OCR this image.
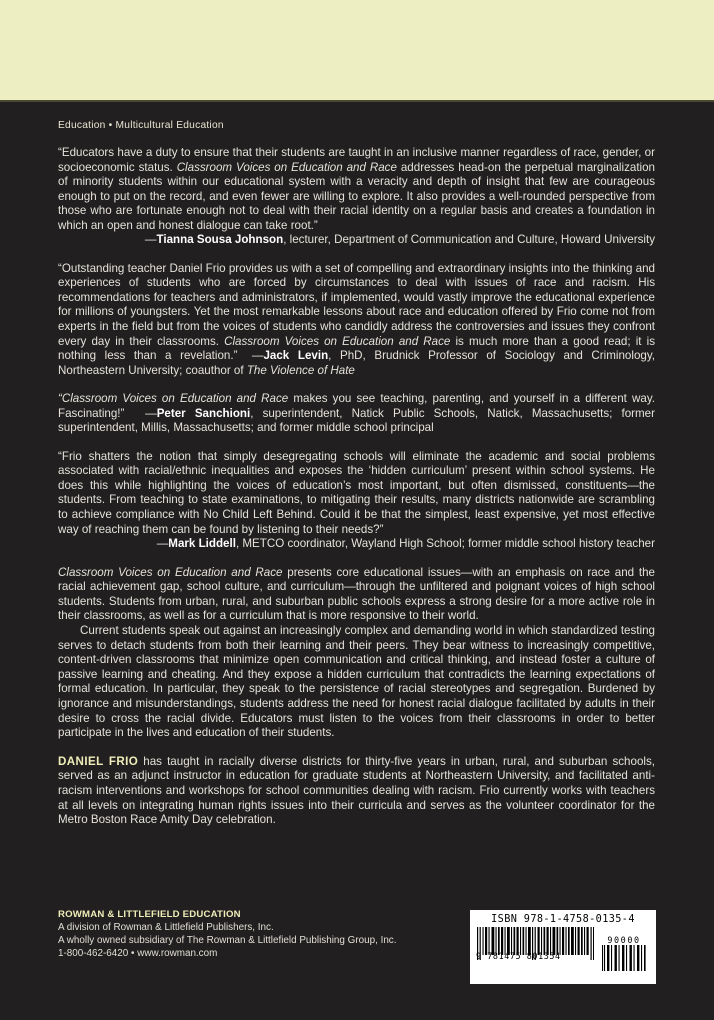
Education • Multicultural Education
“Educators have a duty to ensure that their students are taught in an inclusive manner regardless of race, gender, or socioeconomic status. Classroom Voices on Education and Race addresses head-on the perpetual marginalization of minority students within our educational system with a veracity and depth of insight that few are courageous enough to put on the record, and even fewer are willing to explore. It also provides a well-rounded perspective from those who are fortunate enough not to deal with their racial identity on a regular basis and creates a foundation in which an open and honest dialogue can take root.”
—Tianna Sousa Johnson, lecturer, Department of Communication and Culture, Howard University
“Outstanding teacher Daniel Frio provides us with a set of compelling and extraordinary insights into the thinking and experiences of students who are forced by circumstances to deal with issues of race and racism. His recommendations for teachers and administrators, if implemented, would vastly improve the educational experience for millions of youngsters. Yet the most remarkable lessons about race and education offered by Frio come not from experts in the field but from the voices of students who candidly address the controversies and issues they confront every day in their classrooms. Classroom Voices on Education and Race is much more than a good read; it is nothing less than a revelation.”  —Jack Levin, PhD, Brudnick Professor of Sociology and Criminology, Northeastern University; coauthor of The Violence of Hate
“Classroom Voices on Education and Race makes you see teaching, parenting, and yourself in a different way. Fascinating!”  —Peter Sanchioni, superintendent, Natick Public Schools, Natick, Massachusetts; former superintendent, Millis, Massachusetts; and former middle school principal
“Frio shatters the notion that simply desegregating schools will eliminate the academic and social problems associated with racial/ethnic inequalities and exposes the ‘hidden curriculum’ present within school systems. He does this while highlighting the voices of education’s most important, but often dismissed, constituents—the students. From teaching to state examinations, to mitigating their results, many districts nationwide are scrambling to achieve compliance with No Child Left Behind. Could it be that the simplest, least expensive, yet most effective way of reaching them can be found by listening to their needs?”
—Mark Liddell, METCO coordinator, Wayland High School; former middle school history teacher

Classroom Voices on Education and Race presents core educational issues—with an emphasis on race and the racial achievement gap, school culture, and curriculum—through the unfiltered and poignant voices of high school students. Students from urban, rural, and suburban public schools express a strong desire for a more active role in their classrooms, as well as for a curriculum that is more responsive to their world.

Current students speak out against an increasingly complex and demanding world in which standardized testing serves to detach students from both their learning and their peers. They bear witness to increasingly competitive, content-driven classrooms that minimize open communication and critical thinking, and instead foster a culture of passive learning and cheating. And they expose a hidden curriculum that contradicts the learning expectations of formal education. In particular, they speak to the persistence of racial stereotypes and segregation. Burdened by ignorance and misunderstandings, students address the need for honest racial dialogue facilitated by adults in their desire to cross the racial divide. Educators must listen to the voices from their classrooms in order to better participate in the lives and education of their students.

DANIEL FRIO has taught in racially diverse districts for thirty-five years in urban, rural, and suburban schools, served as an adjunct instructor in education for graduate students at Northeastern University, and facilitated anti-racism interventions and workshops for school communities dealing with racism. Frio currently works with teachers at all levels on integrating human rights issues into their curricula and serves as the volunteer coordinator for the Metro Boston Race Amity Day celebration.
ROWMAN & LITTLEFIELD EDUCATION
A division of Rowman & Littlefield Publishers, Inc.
A wholly owned subsidiary of The Rowman & Littlefield Publishing Group, Inc.
1-800-462-6420 • www.rowman.com
ISBN 978-1-4758-0135-4
9 781475 801354
90000
